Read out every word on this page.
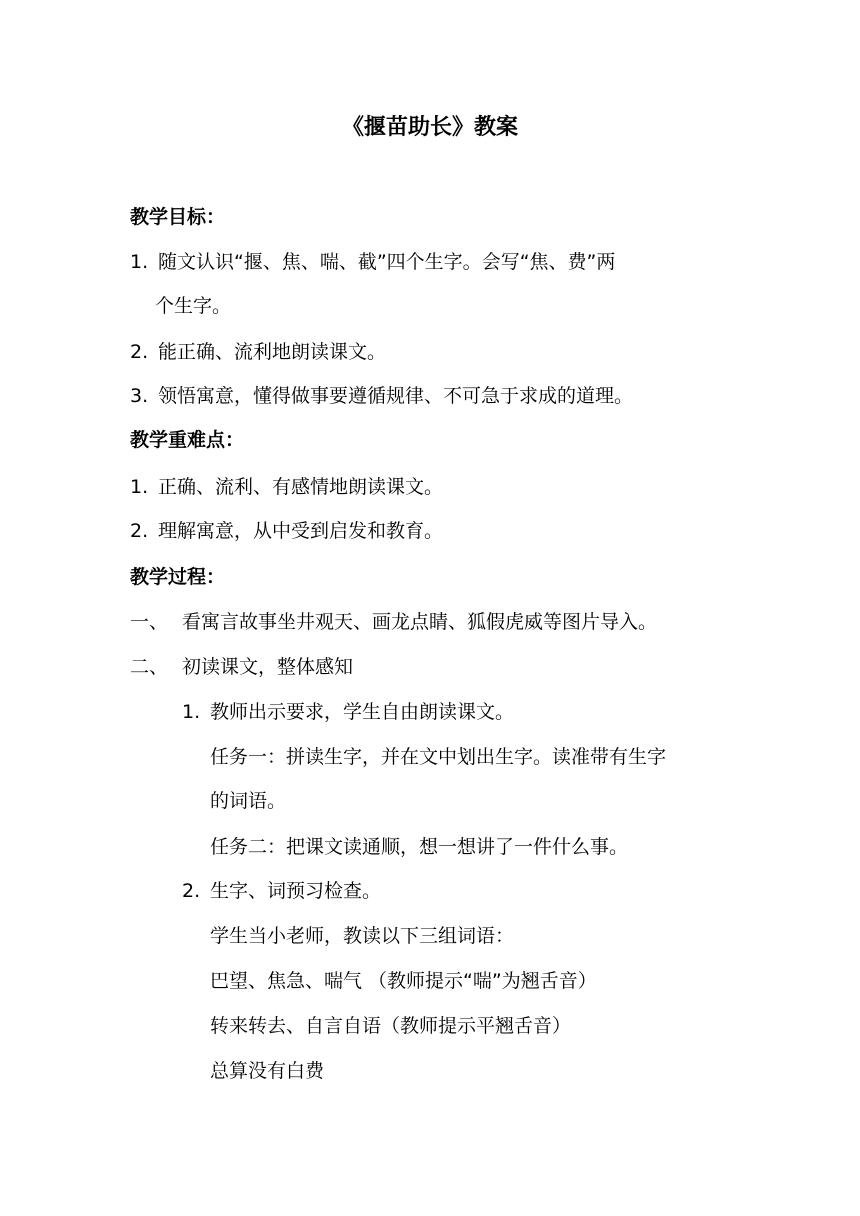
《揠苗助长》教案
教学目标：
1. 随文认识“揠、焦、喘、截”四个生字。会写“焦、费”两
个生字。
2. 能正确、流利地朗读课文。
3. 领悟寓意，懂得做事要遵循规律、不可急于求成的道理。
教学重难点：
1. 正确、流利、有感情地朗读课文。
2. 理解寓意，从中受到启发和教育。
教学过程：
一、 看寓言故事坐井观天、画龙点睛、狐假虎威等图片导入。
二、 初读课文，整体感知
1. 教师出示要求，学生自由朗读课文。
任务一：拼读生字，并在文中划出生字。读准带有生字
的词语。
任务二：把课文读通顺，想一想讲了一件什么事。
2. 生字、词预习检查。
学生当小老师，教读以下三组词语：
巴望、焦急、喘气 （教师提示“喘”为翘舌音）
转来转去、自言自语（教师提示平翘舌音）
总算没有白费
